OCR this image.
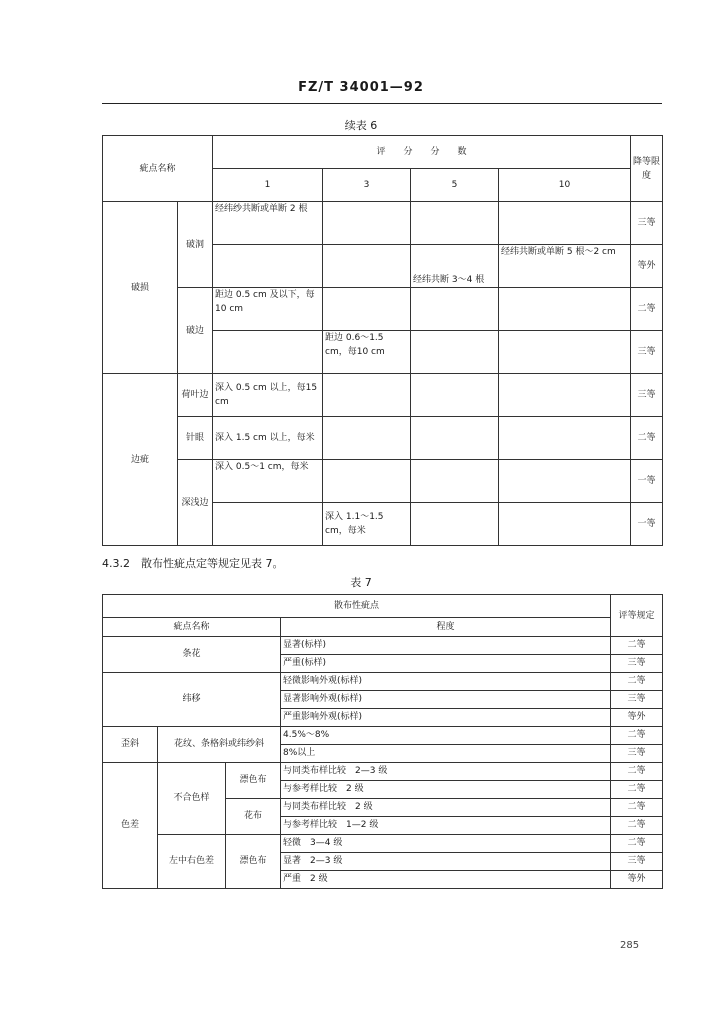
FZ/T 34001—92
续表 6
疵点名称		评　　分　　分　　数				降等限度
		1	3	5	10	
破损	破洞	经纬纱共断或单断 2 根				三等
				经纬共断 3～4 根	经纬共断或单断 5 根～2 cm	等外
	破边	距边 0.5 cm 及以下，每10 cm				二等
			距边 0.6～1.5 cm，每10 cm			三等
边疵	荷叶边	深入 0.5 cm 以上，每15 cm				三等
	针眼	深入 1.5 cm 以上，每米				二等
	深浅边	深入 0.5～1 cm，每米				一等
			深入 1.1～1.5 cm，每米			一等
4.3.2　散布性疵点定等规定见表 7。
表 7
散布性疵点				评等规定
疵点名称			程度	
条花			显著(标样)	二等
			严重(标样)	三等
纬移			轻微影响外观(标样)	二等
			显著影响外观(标样)	三等
			严重影响外观(标样)	等外
歪斜	花纹、条格斜或纬纱斜		4.5%～8%	二等
			8%以上	三等
色差	不合色样	漂色布	与同类布样比较　2—3 级	二等
			与参考样比较　2 级	二等
		花布	与同类布样比较　2 级	二等
			与参考样比较　1—2 级	二等
	左中右色差	漂色布	轻微　3—4 级	二等
			显著　2—3 级	三等
			严重　2 级	等外
285
